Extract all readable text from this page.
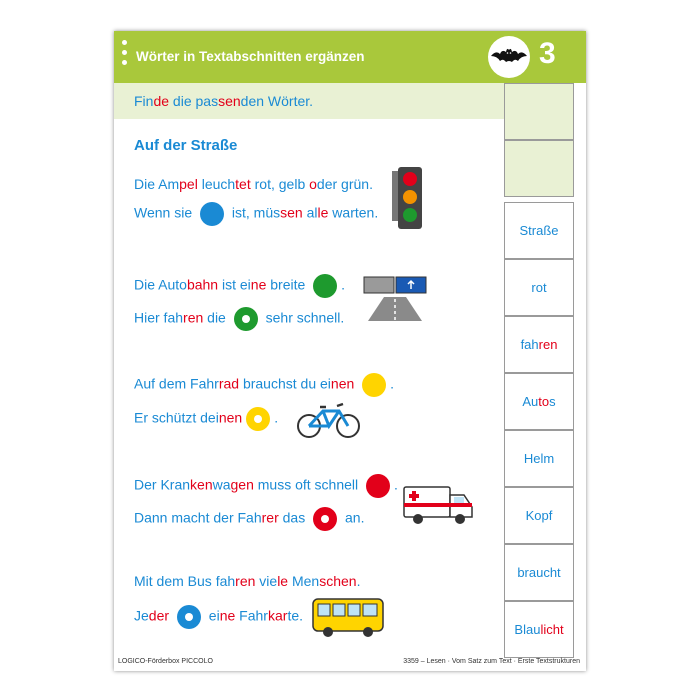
Wörter in Textabschnitten ergänzen	3
Finde die passenden Wörter.
Auf der Straße
Die Ampel leuchtet rot, gelb oder grün.
Wenn sie  ist, müssen alle warten.
Die Autobahn ist eine breite .
Hier fahren die  sehr schnell.
Auf dem Fahrrad brauchst du einen	.
Er schützt deinen .
Der Krankenwagen muss oft schnell .
Dann macht der Fahrer das  an.
Mit dem Bus fahren viele Menschen.
Jeder	eine Fahrkarte.
Straße
rot
fah ren
Au to s
Helm
Kopf
braucht
Blau licht
LOGICO-Förderbox PICCOLO	3359 – Lesen · Vom Satz zum Text · Erste Textstrukturen
